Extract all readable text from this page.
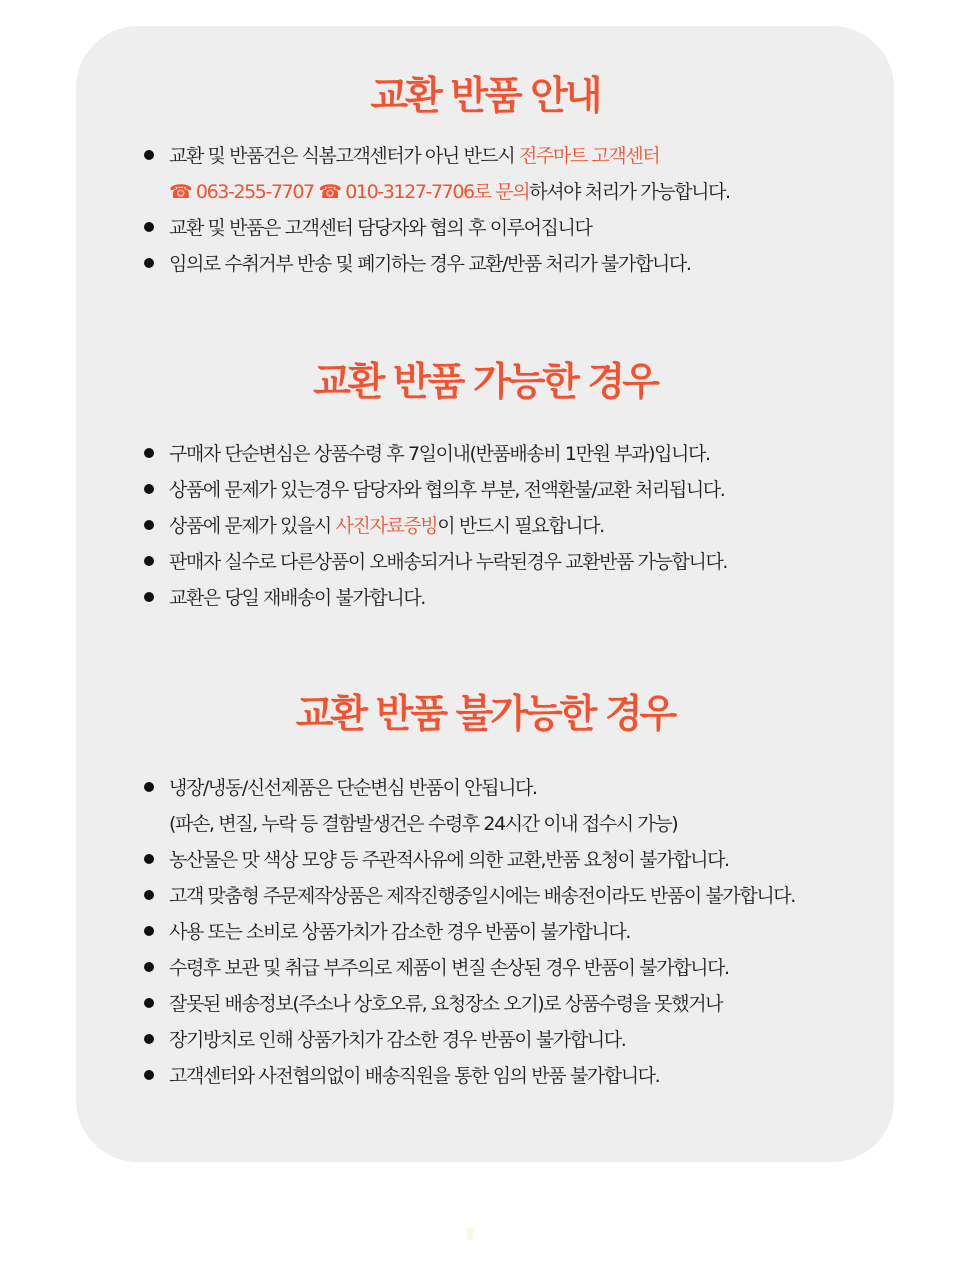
교환 반품 안내
교환 및 반품건은 식봄고객센터가 아닌 반드시 전주마트 고객센터
☎ 063-255-7707 ☎ 010-3127-7706로 문의하셔야 처리가 가능합니다.
교환 및 반품은 고객센터 담당자와 협의 후 이루어집니다
임의로 수취거부 반송 및 폐기하는 경우 교환/반품 처리가 불가합니다.
교환 반품 가능한 경우
구매자 단순변심은 상품수령 후 7일이내(반품배송비 1만원 부과)입니다.
상품에 문제가 있는경우 담당자와 협의후 부분, 전액환불/교환 처리됩니다.
상품에 문제가 있을시 사진자료증빙이 반드시 필요합니다.
판매자 실수로 다른상품이 오배송되거나 누락된경우 교환반품 가능합니다.
교환은 당일 재배송이 불가합니다.
교환 반품 불가능한 경우
냉장/냉동/신선제품은 단순변심 반품이 안됩니다.
(파손, 변질, 누락 등 결함발생건은 수령후 24시간 이내 접수시 가능)
농산물은 맛 색상 모양 등 주관적사유에 의한 교환,반품 요청이 불가합니다.
고객 맞춤형 주문제작상품은 제작진행중일시에는 배송전이라도 반품이 불가합니다.
사용 또는 소비로 상품가치가 감소한 경우 반품이 불가합니다.
수령후 보관 및 취급 부주의로 제품이 변질 손상된 경우 반품이 불가합니다.
잘못된 배송정보(주소나 상호오류, 요청장소 오기)로 상품수령을 못했거나
장기방치로 인해 상품가치가 감소한 경우 반품이 불가합니다.
고객센터와 사전협의없이 배송직원을 통한 임의 반품 불가합니다.
